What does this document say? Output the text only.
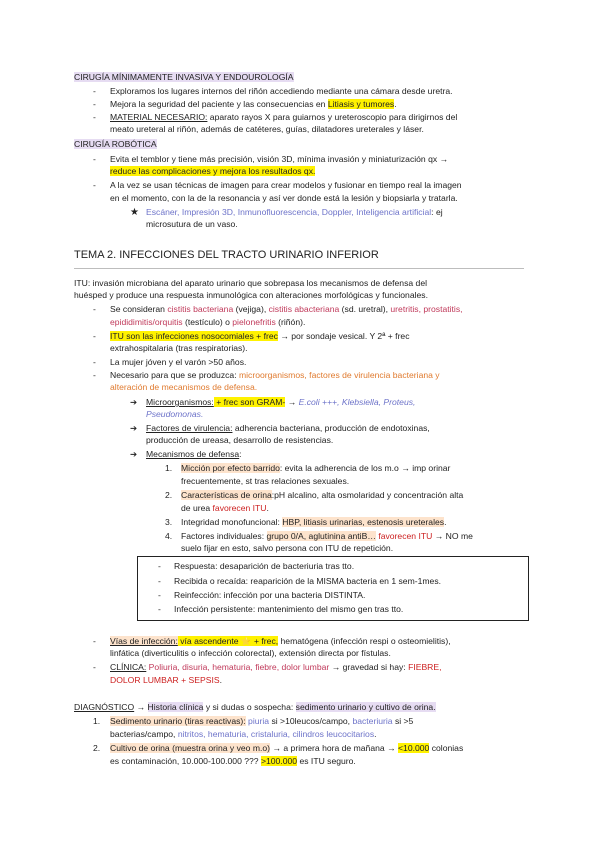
CIRUGÍA MÍNIMAMENTE INVASIVA Y ENDOUROLOGÍA
- Exploramos los lugares internos del riñón accediendo mediante una cámara desde uretra.
- Mejora la seguridad del paciente y las consecuencias en Litiasis y tumores.
- MATERIAL NECESARIO: aparato rayos X para guiarnos y ureteroscopio para dirigirnos del
meato ureteral al riñón, además de catéteres, guías, dilatadores ureterales y láser.
CIRUGÍA ROBÓTICA
- Evita el temblor y tiene más precisión, visión 3D, mínima invasión y miniaturización qx →
reduce las complicaciones y mejora los resultados qx.
- A la vez se usan técnicas de imagen para crear modelos y fusionar en tiempo real la imagen
en el momento, con la de la resonancia y así ver donde está la lesión y biopsiarla y tratarla.
★ Escáner, Impresión 3D, Inmunofluorescencia, Doppler, Inteligencia artificial: ej
microsutura de un vaso.
TEMA 2. INFECCIONES DEL TRACTO URINARIO INFERIOR
ITU: invasión microbiana del aparato urinario que sobrepasa los mecanismos de defensa del
huésped y produce una respuesta inmunológica con alteraciones morfológicas y funcionales.
- Se consideran cistitis bacteriana (vejiga), cistitis abacteriana (sd. uretral), uretritis, prostatitis,
epididimitis/orquitis (testículo) o pielonefritis (riñón).
- ITU son las infecciones nosocomiales + frec → por sondaje vesical. Y 2ª + frec
extrahospitalaria (tras respiratorias).
- La mujer jóven y el varón >50 años.
- Necesario para que se produzca: microorganismos, factores de virulencia bacteriana y
alteración de mecanismos de defensa.
➔ Microorganismos: + frec son GRAM- → E.coli +++, Klebsiella, Proteus,
Pseudomonas.
➔ Factores de virulencia: adherencia bacteriana, producción de endotoxinas,
producción de ureasa, desarrollo de resistencias.
➔ Mecanismos de defensa:
1. Micción por efecto barrido: evita la adherencia de los m.o → imp orinar
frecuentemente, st tras relaciones sexuales.
2. Características de orina:pH alcalino, alta osmolaridad y concentración alta
de urea favorecen ITU.
3. Integridad monofuncional: HBP, litiasis urinarias, estenosis ureterales.
4. Factores individuales: grupo 0/A, aglutinina antiB… favorecen ITU → NO me
suelo fijar en esto, salvo persona con ITU de repetición.
- Respuesta: desaparición de bacteriuria tras tto.
- Recibida o recaída: reaparición de la MISMA bacteria en 1 sem-1mes.
- Reinfección: infección por una bacteria DISTINTA.
- Infección persistente: mantenimiento del mismo gen tras tto.
- Vías de infección: vía ascendente ⭐ + frec, hematógena (infección respi o osteomielitis),
linfática (diverticulitis o infección colorectal), extensión directa por fístulas.
- CLÍNICA: Poliuria, disuria, hematuria, fiebre, dolor lumbar → gravedad si hay: FIEBRE,
DOLOR LUMBAR + SEPSIS.
DIAGNÓSTICO → Historia clínica y si dudas o sospecha: sedimento urinario y cultivo de orina.
1. Sedimento urinario (tiras reactivas): piuria si >10leucos/campo, bacteriuria si >5
bacterias/campo, nitritos, hematuria, cristaluria, cilindros leucocitarios.
2. Cultivo de orina (muestra orina y veo m.o) → a primera hora de mañana → <10.000 colonias
es contaminación, 10.000-100.000 ??? >100.000 es ITU seguro.
